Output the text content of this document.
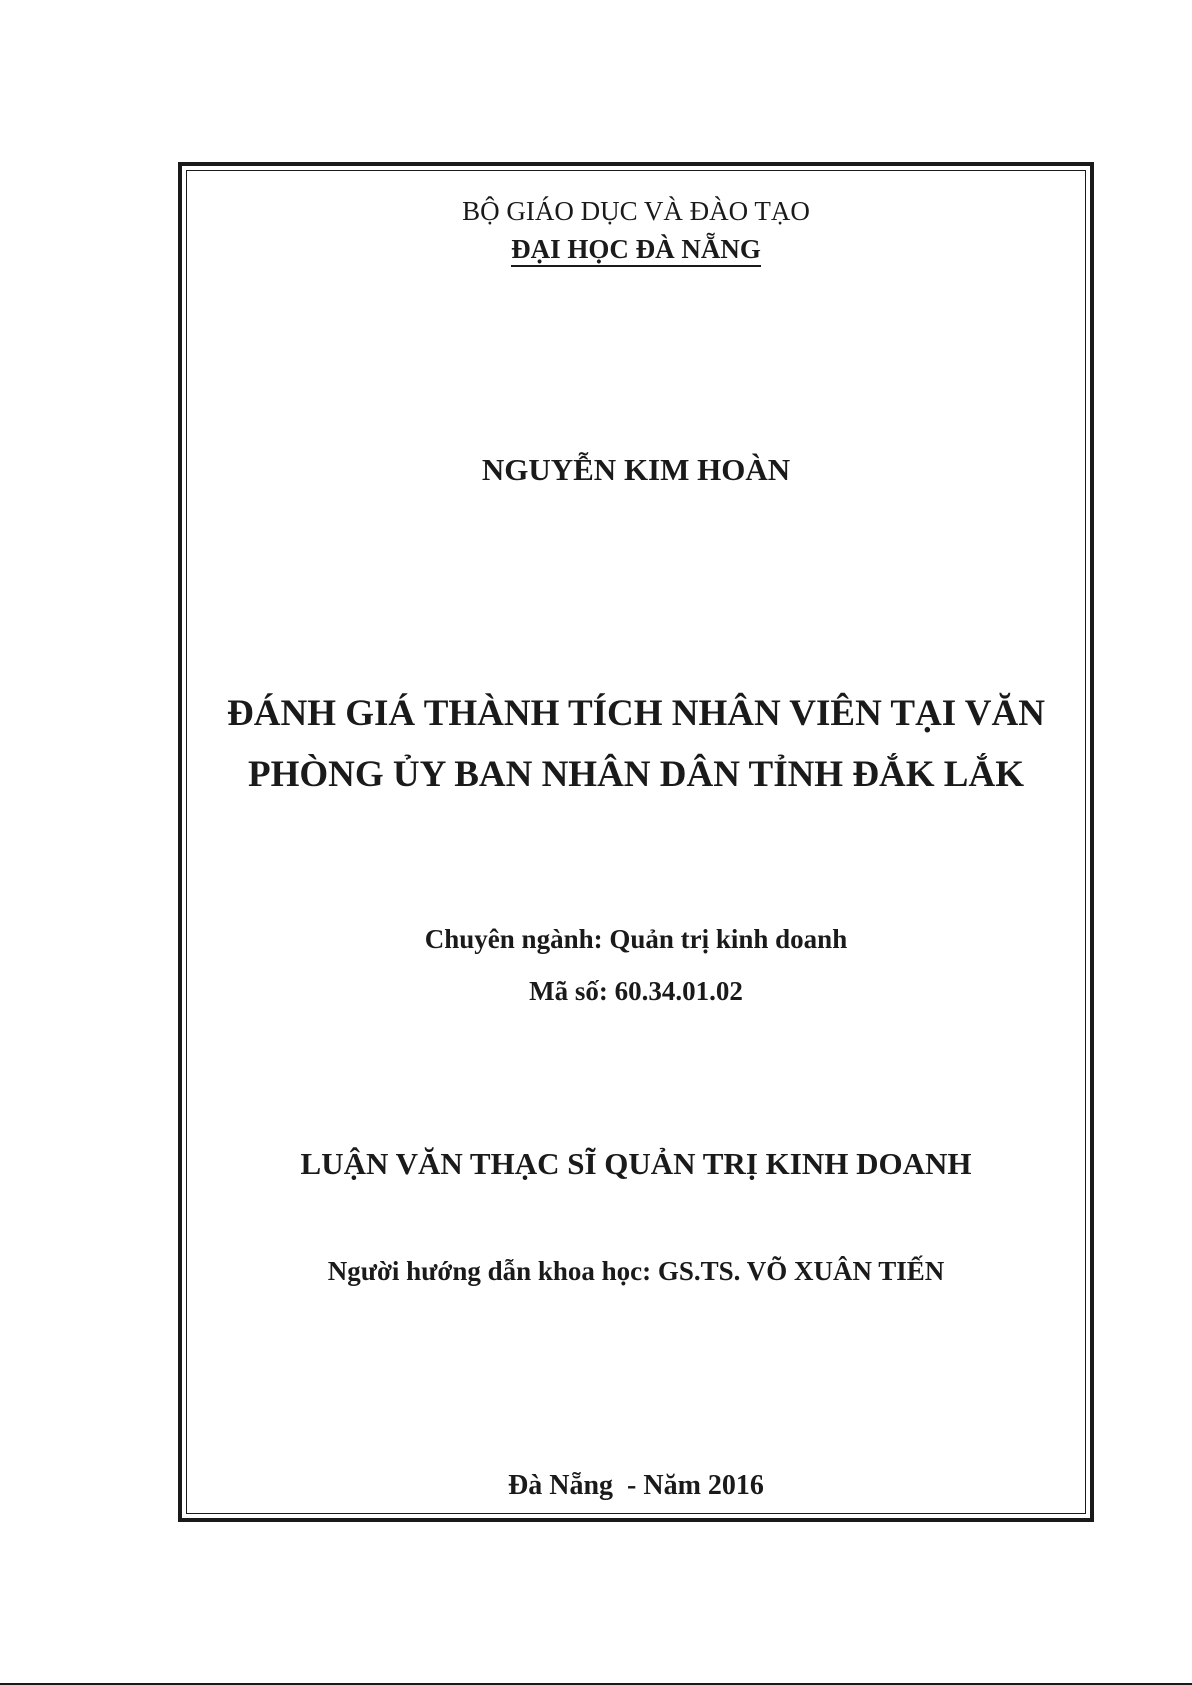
BỘ GIÁO DỤC VÀ ĐÀO TẠO
ĐẠI HỌC ĐÀ NẴNG
NGUYỄN KIM HOÀN
ĐÁNH GIÁ THÀNH TÍCH NHÂN VIÊN TẠI VĂN
PHÒNG ỦY BAN NHÂN DÂN TỈNH ĐẮK LẮK
Chuyên ngành: Quản trị kinh doanh
Mã số: 60.34.01.02
LUẬN VĂN THẠC SĨ QUẢN TRỊ KINH DOANH
Người hướng dẫn khoa học: GS.TS. VÕ XUÂN TIẾN
Đà Nẵng  - Năm 2016
